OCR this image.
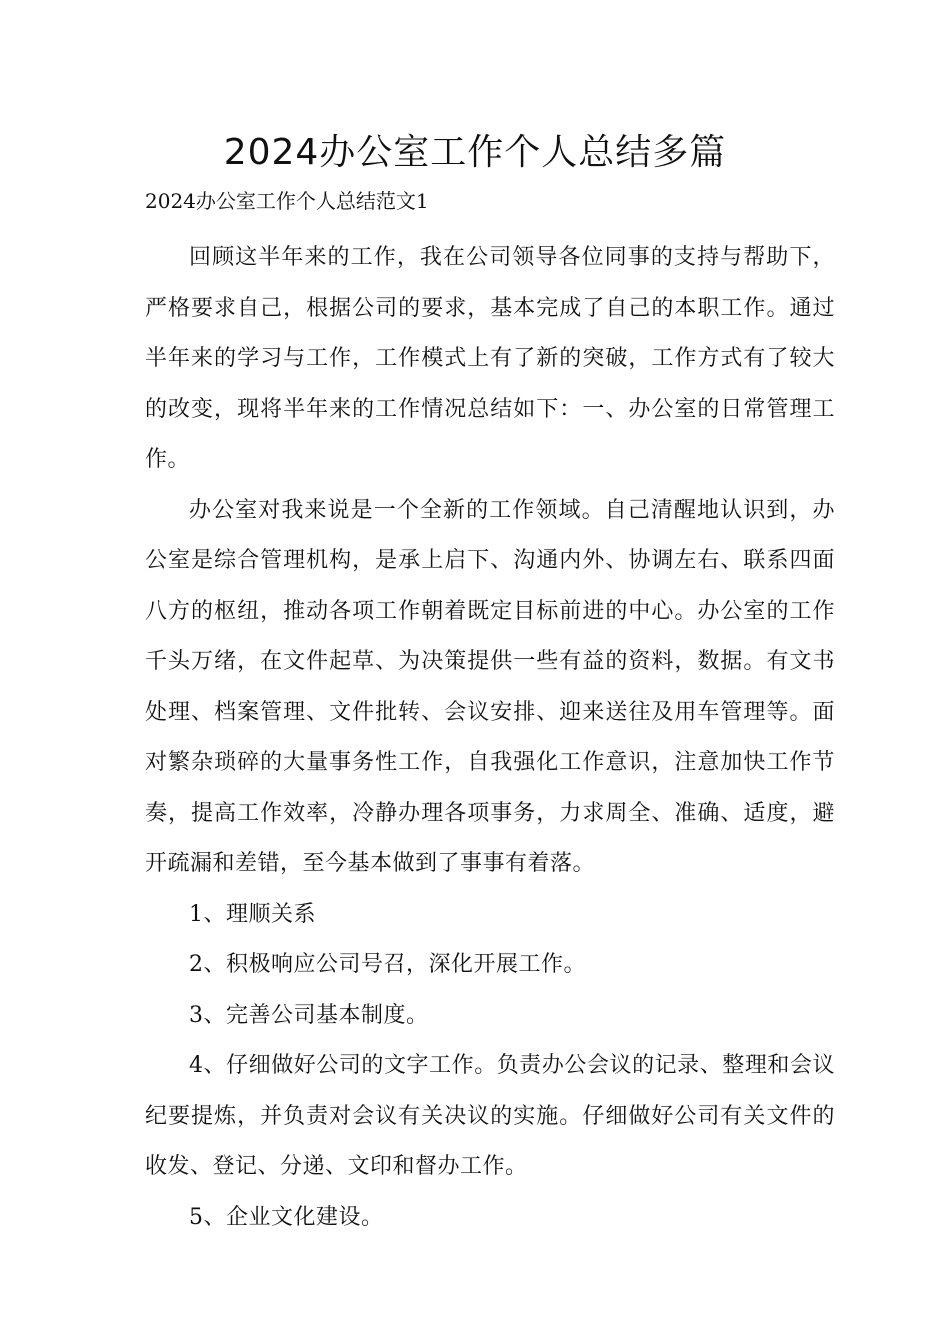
2024办公室工作个人总结多篇

2024办公室工作个人总结范文1

回顾这半年来的工作，我在公司领导各位同事的支持与帮助下，严格要求自己，根据公司的要求，基本完成了自己的本职工作。通过半年来的学习与工作，工作模式上有了新的突破，工作方式有了较大的改变，现将半年来的工作情况总结如下：一、办公室的日常管理工作。

办公室对我来说是一个全新的工作领域。自己清醒地认识到，办公室是综合管理机构，是承上启下、沟通内外、协调左右、联系四面八方的枢纽，推动各项工作朝着既定目标前进的中心。办公室的工作千头万绪，在文件起草、为决策提供一些有益的资料，数据。有文书处理、档案管理、文件批转、会议安排、迎来送往及用车管理等。面对繁杂琐碎的大量事务性工作，自我强化工作意识，注意加快工作节奏，提高工作效率，冷静办理各项事务，力求周全、准确、适度，避开疏漏和差错，至今基本做到了事事有着落。

1、理顺关系

2、积极响应公司号召，深化开展工作。

3、完善公司基本制度。

4、仔细做好公司的文字工作。负责办公会议的记录、整理和会议纪要提炼，并负责对会议有关决议的实施。仔细做好公司有关文件的收发、登记、分递、文印和督办工作。

5、企业文化建设。
